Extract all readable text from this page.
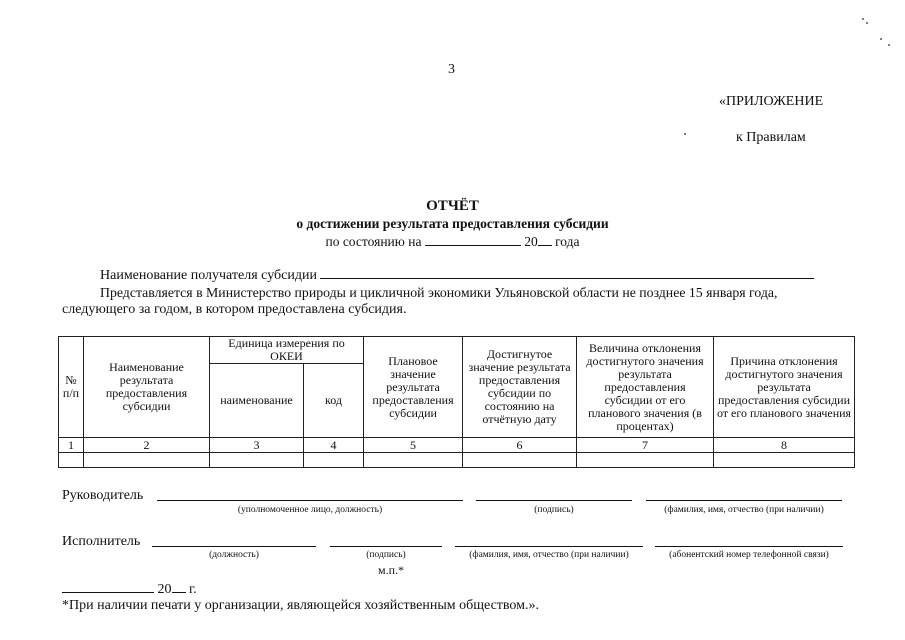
3
«ПРИЛОЖЕНИЕ
к Правилам
ОТЧЁТ
о достижении результата предоставления субсидии
по состоянию на	20 года
Наименование получателя субсидии
Представляется в Министерство природы и цикличной экономики Ульяновской области не позднее 15 января года,
следующего за годом, в котором предоставлена субсидия.
№ п/п	Наименование результата предоставления субсидии	Единица измерения по ОКЕИ		Плановое значение результата предоставления субсидии	Достигнутое значение результата предоставления субсидии по состоянию на отчётную дату	Величина отклонения достигнутого значения результата предоставления субсидии от его планового значения (в процентах)	Причина отклонения достигнутого значения результата предоставления субсидии от его планового значения
		наименование	код				
1	2	3	4	5	6	7	8

Руководитель
(уполномоченное лицо, должность)	(подпись)	(фамилия, имя, отчество (при наличии)
Исполнитель
(должность)	(подпись)	(фамилия, имя, отчество (при наличии)	(абонентский номер телефонной связи)
м.п.*
20 г.
*При наличии печати у организации, являющейся хозяйственным обществом.».
